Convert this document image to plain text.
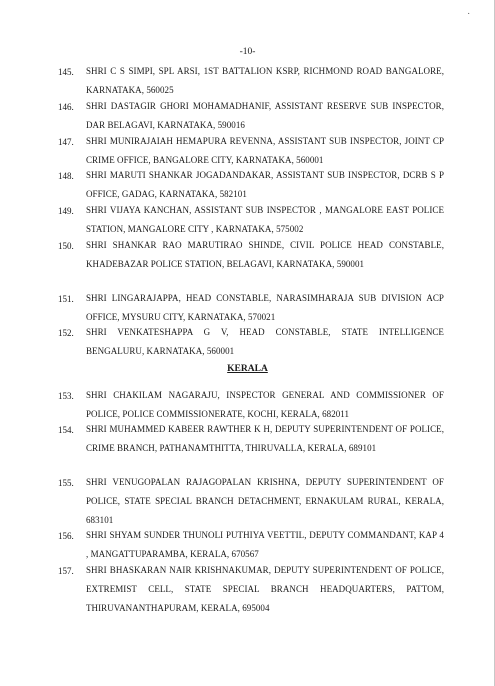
-10-
145.	SHRI C S SIMPI, SPL ARSI, 1ST BATTALION KSRP, RICHMOND ROAD BANGALORE, KARNATAKA, 560025
146.	SHRI DASTAGIR GHORI MOHAMADHANIF, ASSISTANT RESERVE SUB INSPECTOR, DAR BELAGAVI, KARNATAKA, 590016
147.	SHRI MUNIRAJAIAH HEMAPURA REVENNA, ASSISTANT SUB INSPECTOR, JOINT CP CRIME OFFICE, BANGALORE CITY, KARNATAKA, 560001
148.	SHRI MARUTI SHANKAR JOGADANDAKAR, ASSISTANT SUB INSPECTOR, DCRB S P OFFICE, GADAG, KARNATAKA, 582101
149.	SHRI VIJAYA KANCHAN, ASSISTANT SUB INSPECTOR , MANGALORE EAST POLICE STATION, MANGALORE CITY , KARNATAKA, 575002
150.	SHRI SHANKAR RAO MARUTIRAO SHINDE, CIVIL POLICE HEAD CONSTABLE, KHADEBAZAR POLICE STATION, BELAGAVI, KARNATAKA, 590001
151.	SHRI LINGARAJAPPA, HEAD CONSTABLE, NARASIMHARAJA SUB DIVISION ACP OFFICE, MYSURU CITY, KARNATAKA, 570021
152.	SHRI VENKATESHAPPA G V, HEAD CONSTABLE, STATE INTELLIGENCE BENGALURU, KARNATAKA, 560001
KERALA
153.	SHRI CHAKILAM NAGARAJU, INSPECTOR GENERAL AND COMMISSIONER OF POLICE, POLICE COMMISSIONERATE, KOCHI, KERALA, 682011
154.	SHRI MUHAMMED KABEER RAWTHER K H, DEPUTY SUPERINTENDENT OF POLICE, CRIME BRANCH, PATHANAMTHITTA, THIRUVALLA, KERALA, 689101
155.	SHRI VENUGOPALAN RAJAGOPALAN KRISHNA, DEPUTY SUPERINTENDENT OF POLICE, STATE SPECIAL BRANCH DETACHMENT, ERNAKULAM RURAL, KERALA, 683101
156.	SHRI SHYAM SUNDER THUNOLI PUTHIYA VEETTIL, DEPUTY COMMANDANT, KAP 4 , MANGATTUPARAMBA, KERALA, 670567
157.	SHRI BHASKARAN NAIR KRISHNAKUMAR, DEPUTY SUPERINTENDENT OF POLICE, EXTREMIST CELL, STATE SPECIAL BRANCH HEADQUARTERS, PATTOM, THIRUVANANTHAPURAM, KERALA, 695004
˙
